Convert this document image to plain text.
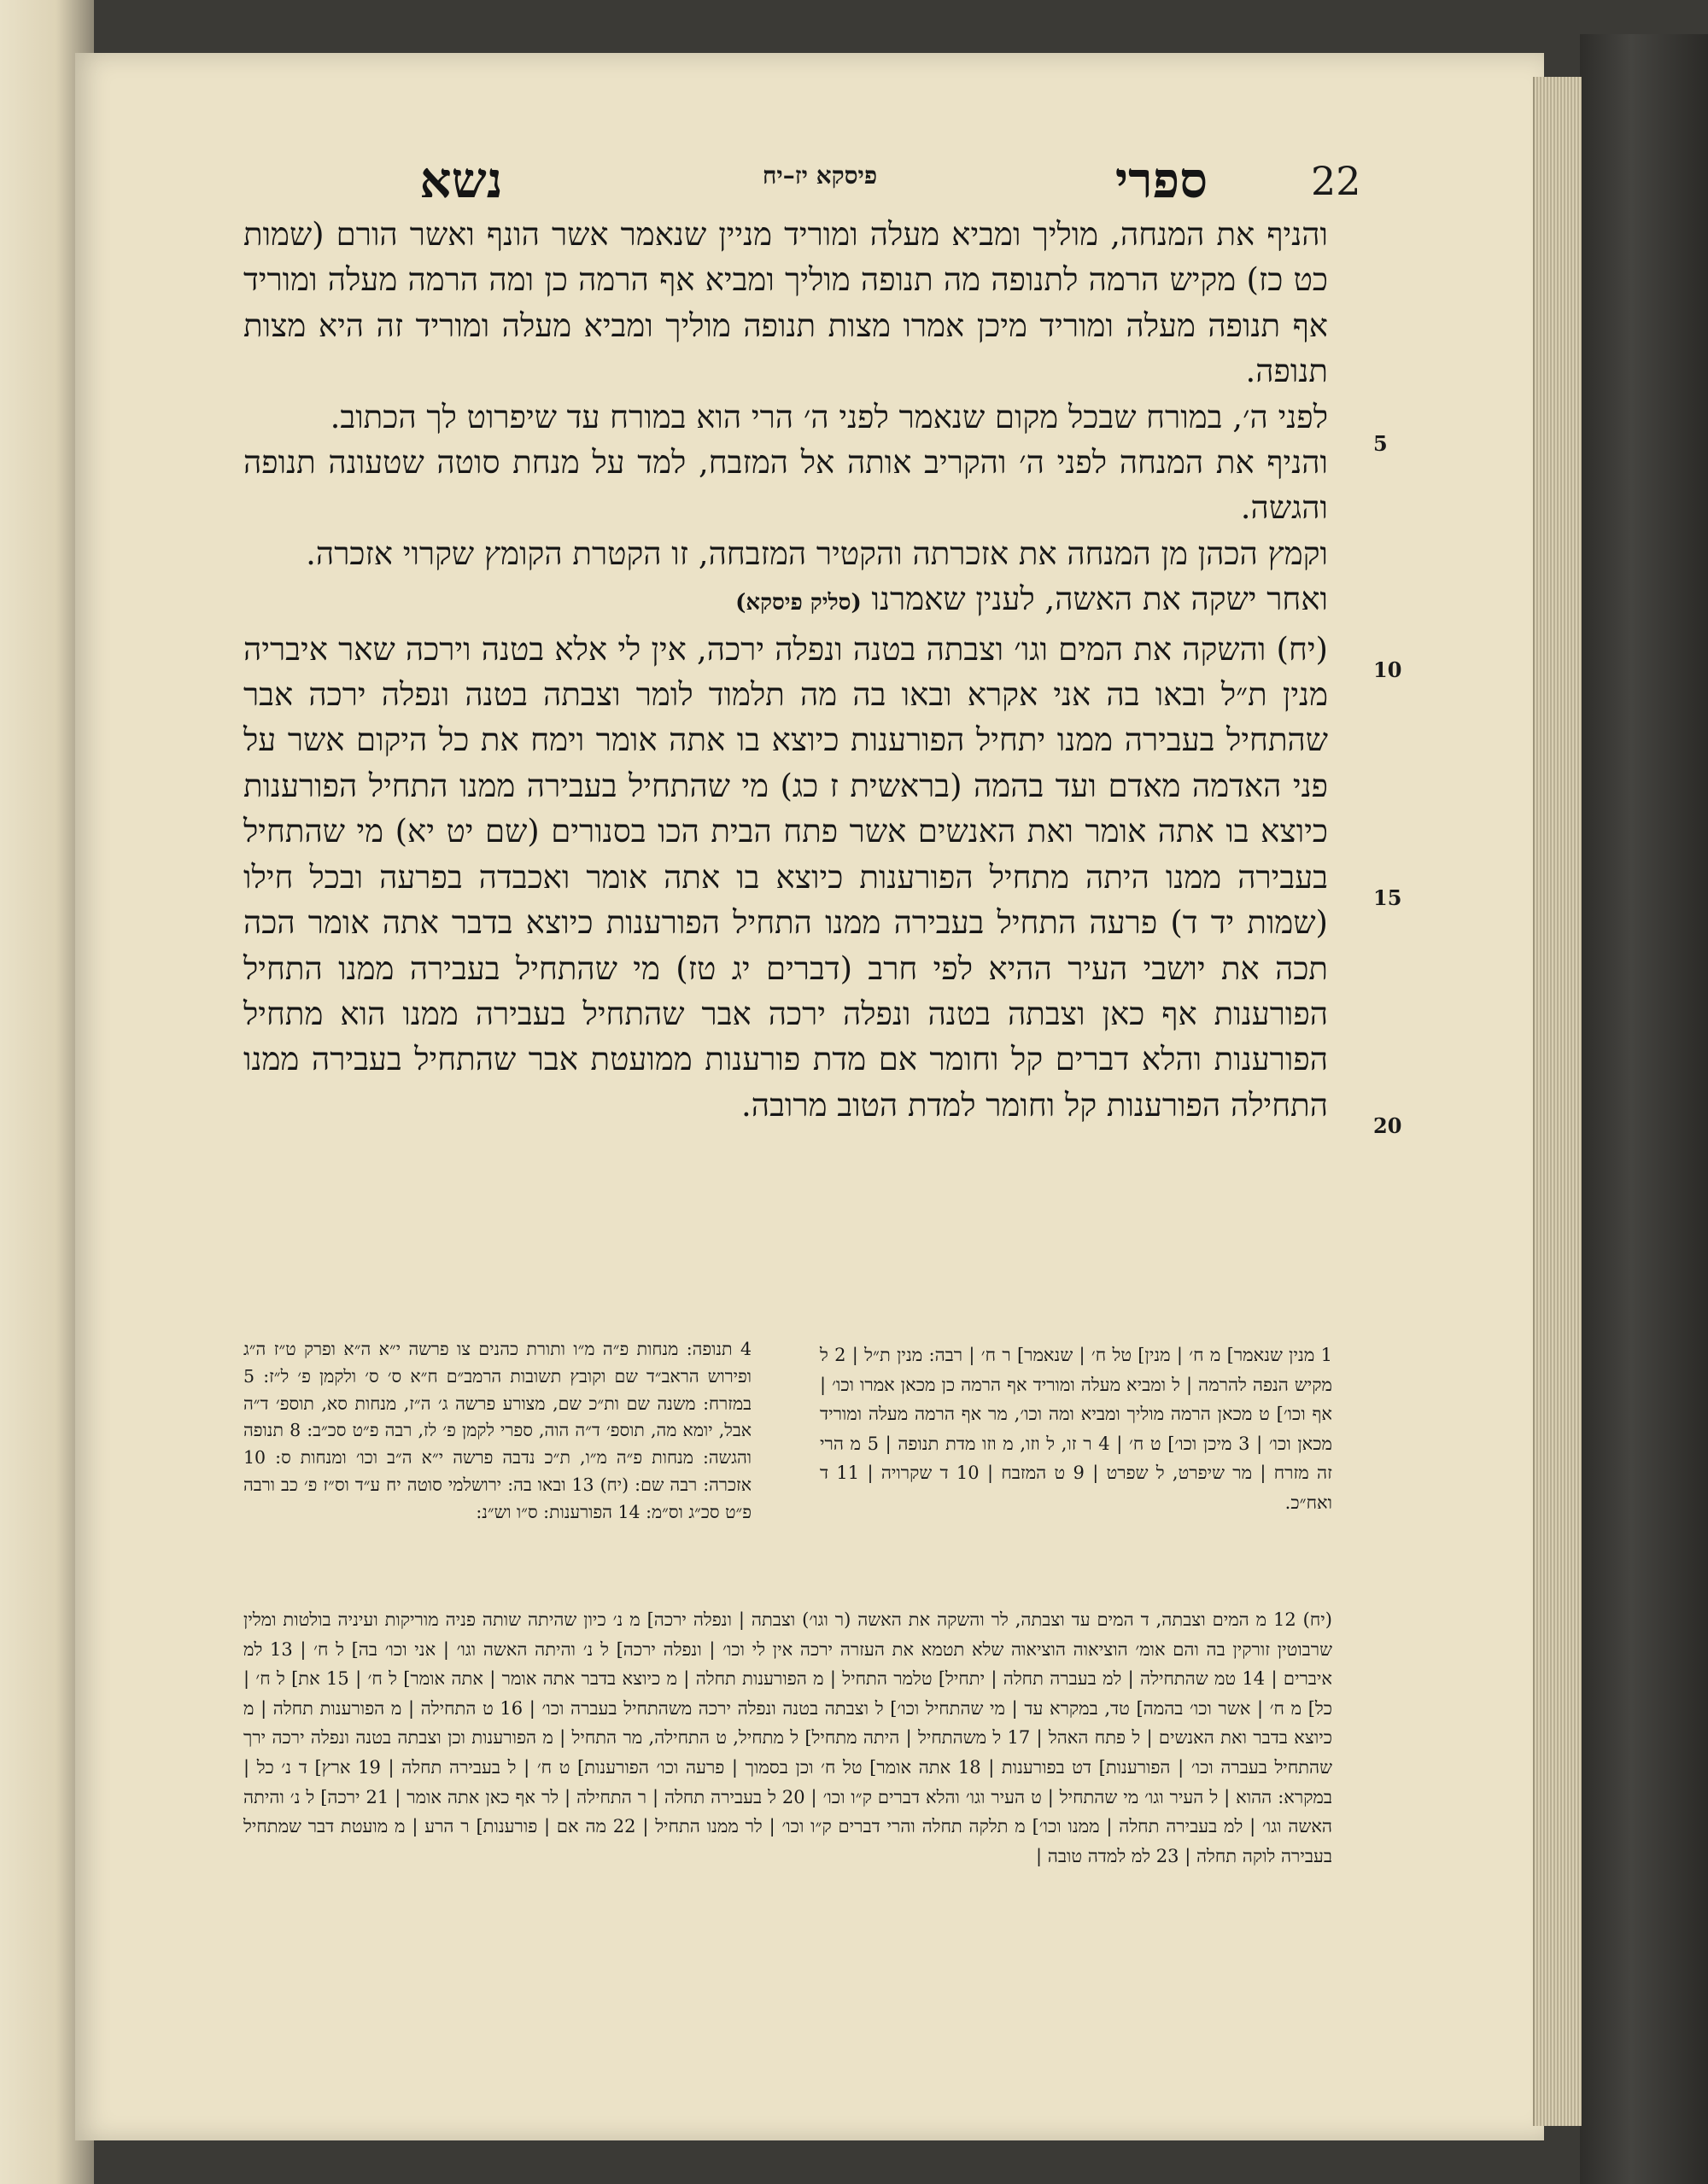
22
ספרי
פיסקא יז–יח
נשא

והניף את המנחה, מוליך ומביא מעלה ומוריד מניין שנאמר אשר הונף ואשר הורם (שמות כט כז) מקיש הרמה לתנופה מה תנופה מוליך ומביא אף הרמה כן ומה הרמה מעלה ומוריד אף תנופה מעלה ומוריד מיכן אמרו מצות תנופה מוליך ומביא מעלה ומוריד זה היא מצות תנופה.

לפני ה׳, במורח שבכל מקום שנאמר לפני ה׳ הרי הוא במורח עד שיפרוט לך הכתוב.

והניף את המנחה לפני ה׳ והקריב אותה אל המזבח, למד על מנחת סוטה שטעונה תנופה והגשה.

וקמץ הכהן מן המנחה את אזכרתה והקטיר המזבחה, זו הקטרת הקומץ שקרוי אזכרה.

ואחר ישקה את האשה, לענין שאמרנו (סליק פיסקא)

(יח) והשקה את המים וגו׳ וצבתה בטנה ונפלה ירכה, אין לי אלא בטנה וירכה שאר איבריה מנין ת״ל ובאו בה אני אקרא ובאו בה מה תלמוד לומר וצבתה בטנה ונפלה ירכה אבר שהתחיל בעבירה ממנו יתחיל הפורענות כיוצא בו אתה אומר וימח את כל היקום אשר על פני האדמה מאדם ועד בהמה (בראשית ז כג) מי שהתחיל בעבירה ממנו התחיל הפורענות כיוצא בו אתה אומר ואת האנשים אשר פתח הבית הכו בסנורים (שם יט יא) מי שהתחיל בעבירה ממנו היתה מתחיל הפורענות כיוצא בו אתה אומר ואכבדה בפרעה ובכל חילו (שמות יד ד) פרעה התחיל בעבירה ממנו התחיל הפורענות כיוצא בדבר אתה אומר הכה תכה את יושבי העיר ההיא לפי חרב (דברים יג טז) מי שהתחיל בעבירה ממנו התחיל הפורענות אף כאן וצבתה בטנה ונפלה ירכה אבר שהתחיל בעבירה ממנו הוא מתחיל הפורענות והלא דברים קל וחומר אם מדת פורענות ממועטת אבר שהתחיל בעבירה ממנו התחילה הפורענות קל וחומר למדת הטוב מרובה.

5
10
15
20

1 מנין שנאמר] מ ח׳ | מנין] טל ח׳ | שנאמר] ר ח׳ | רבה: מנין ת״ל | 2 ל מקיש הנפה להרמה | ל ומביא מעלה ומוריד אף הרמה כן מכאן אמרו וכו׳ | אף וכו׳] ט מכאן הרמה מוליך ומביא ומה וכו׳, מר אף הרמה מעלה ומוריד מכאן וכו׳ | 3 מיכן וכו׳] ט ח׳ | 4 ר זו, ל וזו, מ וזו מדת תנופה | 5 מ הרי זה מזרח | מר שיפרט, ל שפרט | 9 ט המזבח | 10 ד שקרויה | 11 ד ואח״כ.

4 תנופה: מנחות פ״ה מ״ו ותורת כהנים צו פרשה י״א ה״א ופרק ט״ז ה״ג ופירוש הראב״ד שם וקובץ תשובות הרמב״ם ח״א ס׳ ס׳ ולקמן פ׳ ל״ז: 5 במזרח: משנה שם ות״כ שם, מצורע פרשה ג׳ ה״ז, מנחות סא, תוספ׳ ד״ה אבל, יומא מה, תוספ׳ ד״ה הוה, ספרי לקמן פ׳ לז, רבה פ״ט סכ״ב: 8 תנופה והגשה: מנחות פ״ה מ״ו, ת״כ נדבה פרשה י״א ה״ב וכו׳ ומנחות ס: 10 אזכרה: רבה שם: (יח) 13 ובאו בה: ירושלמי סוטה יח ע״ד וס״ז פ׳ כב ורבה פ״ט סכ״ג וס״מ: 14 הפורענות: ס״ו וש״נ:

(יח) 12 מ המים וצבתה, ד המים עד וצבתה, לר והשקה את האשה (ר וגו׳) וצבתה | ונפלה ירכה] מ נ׳ כיון שהיתה שותה פניה מוריקות ועיניה בולטות ומלין שרבוטין זורקין בה והם אומ׳ הוציאוה הוציאוה שלא תטמא את העזרה ירכה אין לי וכו׳ | ונפלה ירכה] ל נ׳ והיתה האשה וגו׳ | אני וכו׳ בה] ל ח׳ | 13 למ איברים | 14 טמ שהתחילה | למ בעברה תחלה | יתחיל] טלמר התחיל | מ הפורענות תחלה | מ כיוצא בדבר אתה אומר | אתה אומר] ל ח׳ | 15 את] ל ח׳ | כל] מ ח׳ | אשר וכו׳ בהמה] טד, במקרא עד | מי שהתחיל וכו׳] ל וצבתה בטנה ונפלה ירכה משהתחיל בעברה וכו׳ | 16 ט התחילה | מ הפורענות תחלה | מ כיוצא בדבר ואת האנשים | ל פתח האהל | 17 ל משהתחיל | היתה מתחיל] ל מתחיל, ט התחילה, מר התחיל | מ הפורענות וכן וצבתה בטנה ונפלה ירכה ירך שהתחיל בעברה וכו׳ | הפורענות] דט בפורענות | 18 אתה אומר] טל ח׳ וכן בסמוך | פרעה וכו׳ הפורענות] ט ח׳ | ל בעבירה תחלה | 19 ארץ] ד נ׳ כל | במקרא: ההוא | ל העיר וגו׳ מי שהתחיל | ט העיר וגו׳ והלא דברים ק״ו וכו׳ | 20 ל בעבירה תחלה | ר התחילה | לר אף כאן אתה אומר | 21 ירכה] ל נ׳ והיתה האשה וגו׳ | למ בעבירה תחלה | ממנו וכו׳] מ תלקה תחלה והרי דברים ק״ו וכו׳ | לר ממנו התחיל | 22 מה אם | פורענות] ר הרע | מ מועטת דבר שמתחיל בעבירה לוקה תחלה | 23 למ למדה טובה |
